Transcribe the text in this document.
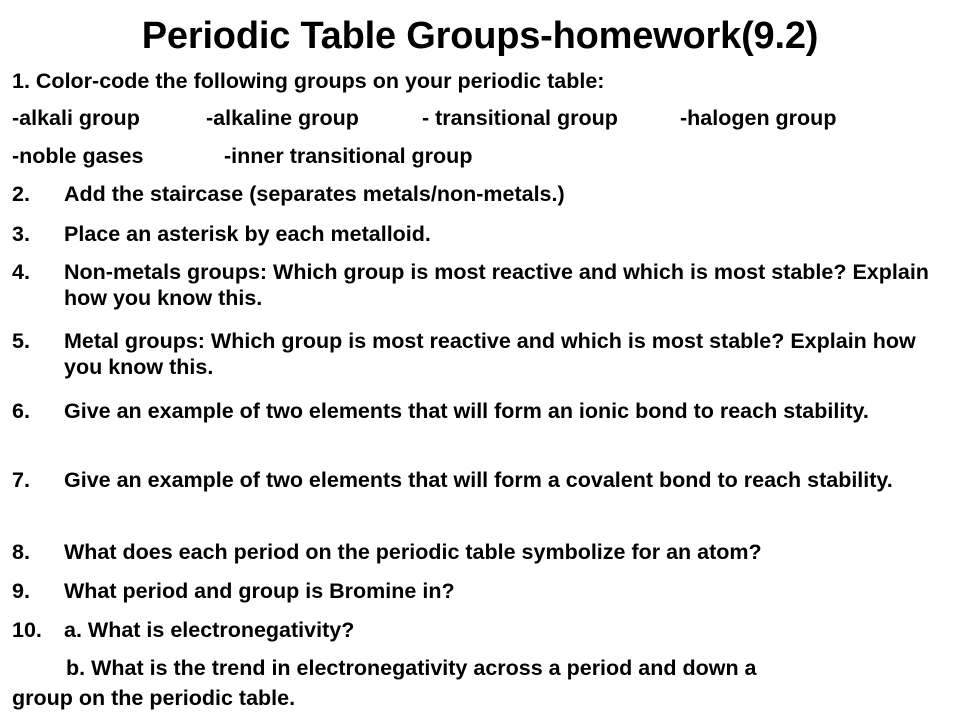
Periodic Table Groups-homework(9.2)
1. Color-code the following groups on your periodic table:
-alkali group	-alkaline group	- transitional group	-halogen group
-noble gases	-inner transitional group
2. Add the staircase (separates metals/non-metals.)
3. Place an asterisk by each metalloid.
4. Non-metals groups: Which group is most reactive and which is most stable? Explain how you know this.
5. Metal groups: Which group is most reactive and which is most stable? Explain how you know this.
6. Give an example of two elements that will form an ionic bond to reach stability.
7. Give an example of two elements that will form a covalent bond to reach stability.
8. What does each period on the periodic table symbolize for an atom?
9. What period and group is Bromine in?
10. a. What is electronegativity?
b. What is the trend in electronegativity across a period and down a
group on the periodic table.
